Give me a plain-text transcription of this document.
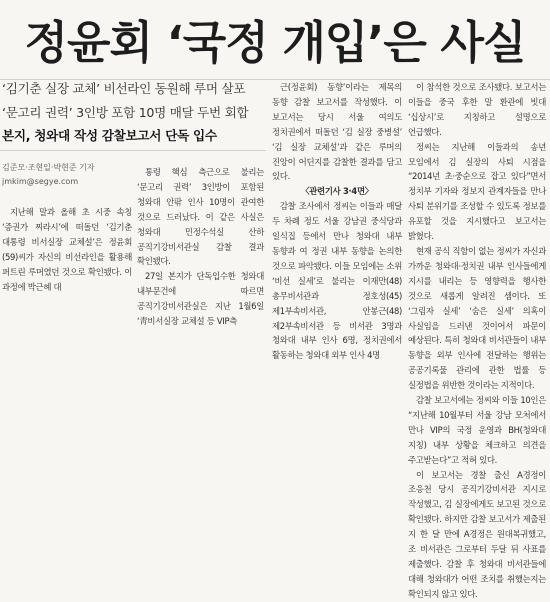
정윤회 ‘국정 개입’은 사실
‘김기춘 실장 교체’ 비선라인 동원해 루머 살포
‘문고리 권력’ 3인방 포함 10명 매달 두번 회합
본지, 청와대 작성 감찰보고서 단독 입수
김준모·조현일·박현준 기자
jmkim@segye.com

지난해 말과 올해 초 시중 속칭 ‘증권가 찌라시’에 떠돌던 ‘김기춘 대통령 비서실장 교체설’은 정윤회(59)씨가 자신의 비선라인을 활용해 퍼트린 루머였던 것으로 확인됐다. 이 과정에 박근혜 대

통령 핵심 측근으로 불리는 ‘문고리 권력’ 3인방이 포함된 청와대 안팎 인사 10명이 관여한 것으로 드러났다. 이 같은 사실은 청와대 민정수석실 산하 공직기강비서관실 감찰 결과 확인됐다.

27일 본지가 단독입수한 청와대 내부문건에 따르면 공직기강비서관실은 지난 1월6일 ‘靑비서실장 교체설 등 VIP측

근(정윤회) 동향’이라는 제목의 동향 감찰 보고서를 작성했다. 이 보고서는 당시 서울 여의도 정치권에서 떠돌던 ‘김 실장 중병설’ ‘김 실장 교체설’과 같은 루머의 진앙이 어딘지를 감찰한 결과를 담고 있다.

〈관련기사 3·4면〉

감찰 조사에서 정씨는 이들과 매달 두 차례 정도 서울 강남권 중식당과 일식집 등에서 만나 청와대 내부 동향과 여 정권 내부 동향을 논의한 것으로 파악됐다. 이들 모임에는 소위 ‘비선 실세’로 불리는 이재만(48) 총무비서관과 정호성(45) 제1부속비서관, 안봉근(48) 제2부속비서관 등 비서관 3명과 청와대 내부 인사 6명, 정치권에서 활동하는 청와대 외부 인사 4명

이 참석한 것으로 조사됐다. 보고서는 이들을 중국 후한 말 환관에 빗대 ‘십상시’로 지칭하고 설명으로 언급했다.

정씨는 지난해 이들과의 송년 모임에서 김 실장의 사퇴 시점을 “2014년 초·중순으로 잡고 있다”면서 정치부 기자와 정보지 관계자들을 만나 사퇴 분위기를 조성할 수 있도록 정보를 유포할 것을 지시했다고 보고서는 밝혔다.

현재 공식 직함이 없는 정씨가 자신과 가까운 청와대·정치권 내부 인사들에게 지시를 내리는 등 영향력을 행사한 것으로 새롭게 알려진 셈이다. 또 ‘그림자 실세’ ‘숨은 실세’ 의혹이 사실임을 드러낸 것이어서 파문이 예상된다. 특히 청와대 비서관들이 내부 동향을 외부 인사에 전달하는 행위는 공공기록물 관리에 관한 법률 등 실정법을 위반한 것이라는 지적이다.

감찰 보고서에는 정씨와 이들 10인은 “지난해 10월부터 서울 강남 모처에서 만나 VIP의 국정 운영과 BH(청와대 지칭) 내부 상황을 체크하고 의견을 주고받는다”고 적혀 있다.

이 보고서는 경찰 출신 A경정이 조응천 당시 공직기강비서관 지시로 작성했고, 김 실장에게도 보고된 것으로 확인됐다. 하지만 감찰 보고서가 제출된 지 한 달 만에 A경정은 원대복귀했고, 조 비서관은 그로부터 두달 뒤 사표를 제출했다. 감찰 후 청와대 비서관들에 대해 청와대가 어떤 조치를 취했는지는 확인되지 않고 있다.
